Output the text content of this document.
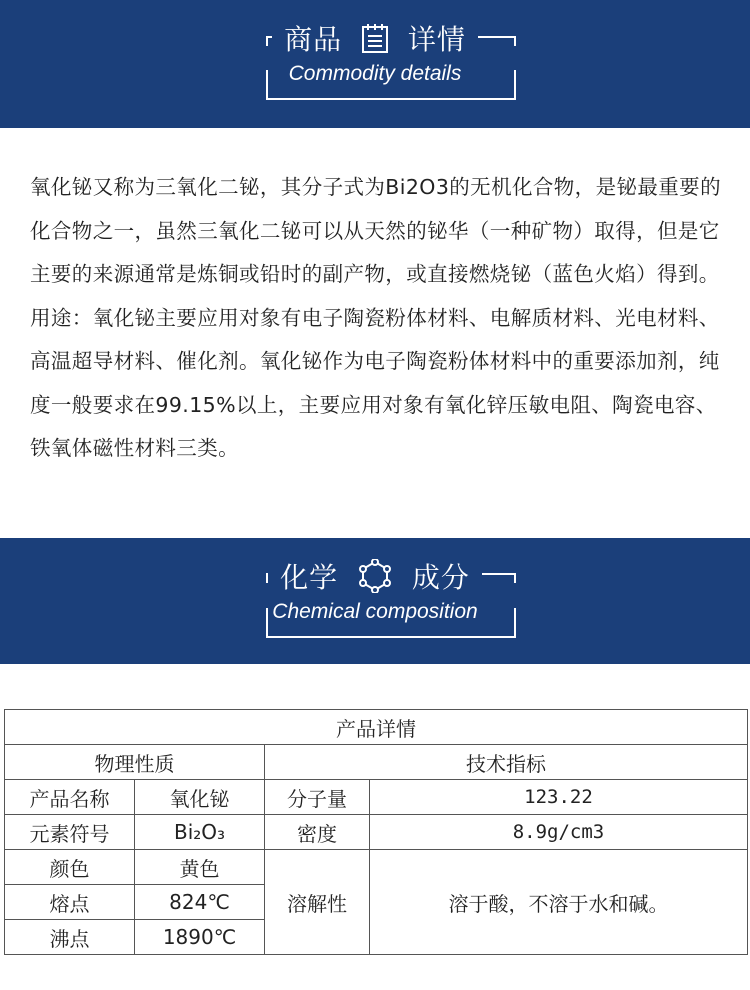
商品 详情
Commodity details

氧化铋又称为三氧化二铋，其分子式为Bi2O3的无机化合物，是铋最重要的化合物之一，虽然三氧化二铋可以从天然的铋华（一种矿物）取得，但是它主要的来源通常是炼铜或铅时的副产物，或直接燃烧铋（蓝色火焰）得到。

用途：氧化铋主要应用对象有电子陶瓷粉体材料、电解质材料、光电材料、高温超导材料、催化剂。氧化铋作为电子陶瓷粉体材料中的重要添加剂，纯度一般要求在99.15%以上，主要应用对象有氧化锌压敏电阻、陶瓷电容、铁氧体磁性材料三类。

化学	成分
Chemical composition
产品详情			
物理性质		技术指标	
产品名称	氧化铋	分子量	123.22
元素符号	Bi₂O₃	密度	8.9g/cm3
颜色	黄色	溶解性	溶于酸，不溶于水和碱。
熔点	824℃		
沸点	1890℃		
